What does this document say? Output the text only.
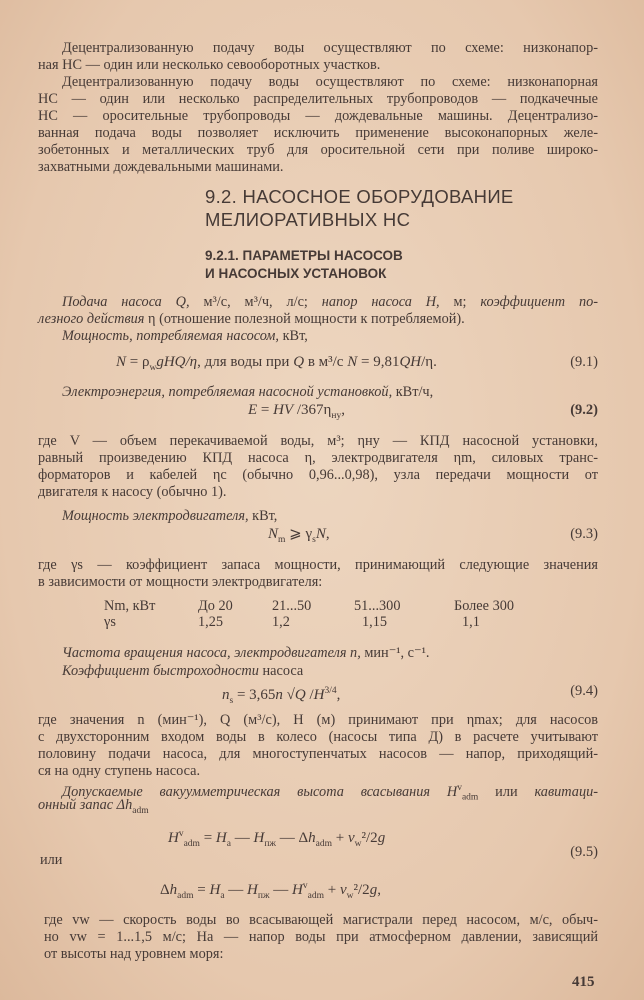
Децентрализованную подачу воды осуществляют по схеме: низконапор-
ная НС — один или несколько севооборотных участков.
Децентрализованную подачу воды осуществляют по схеме: низконапорная
НС — один или несколько распределительных трубопроводов — подкачечные
НС — оросительные трубопроводы — дождевальные машины. Децентрализо-
ванная подача воды позволяет исключить применение высоконапорных желе-
зобетонных и металлических труб для оросительной сети при поливе широко-
захватными дождевальными машинами.
9.2. НАСОСНОЕ ОБОРУДОВАНИЕ
МЕЛИОРАТИВНЫХ НС
9.2.1. ПАРАМЕТРЫ НАСОСОВ
И НАСОСНЫХ УСТАНОВОК
Подача насоса Q, м³/с, м³/ч, л/с; напор насоса H, м; коэффициент по-
лезного действия η (отношение полезной мощности к потребляемой).
Мощность, потребляемая насосом, кВт,
$N = \rho_wgHQ/\eta$, для воды при Q в м³/с N = 9,81QH/η.	(9.1)
Электроэнергия, потребляемая насосной установкой, кВт/ч,
E = HV $/367\eta_{ну}$,	(9.2)
где V — объем перекачиваемой воды, м³; ηну — КПД насосной установки,
равный произведению КПД насоса η, электродвигателя ηm, силовых транс-
форматоров и кабелей ηc (обычно 0,96...0,98), узла передачи мощности от
двигателя к насосу (обычно 1).
Мощность электродвигателя, кВт,
$N_m$ ⩾ $\gamma_sN$,	(9.3)
где γs — коэффициент запаса мощности, принимающий следующие значения
в зависимости от мощности электродвигателя:
Nm, кВт	До 20	21...50	51...300	Более 300
γs	1,25	1,2	1,15	1,1
Частота вращения насоса, электродвигателя n, мин⁻¹, с⁻¹.
Коэффициент быстроходности насоса
$n_s = 3,65n$ √Q $/H^{3/4}$,	(9.4)
где значения n (мин⁻¹), Q (м³/с), H (м) принимают при ηmax; для насосов
с двухсторонним входом воды в колесо (насосы типа Д) в расчете учитывают
половину подачи насоса, для многоступенчатых насосов — напор, приходящий-
ся на одну ступень насоса.
Допускаемые вакуумметрическая высота всасывания $H^v_{adm}$ или кавитаци-
онный запас $\Delta h_{adm}$
$H^v_{adm} = H_a$ — $H_{пж}$ — $\Delta h_{adm} + v_w^2/2g$
или	(9.5)
$\Delta h_{adm} = H_a$ — $H_{пж}$ — $H^v_{adm} + v_w^2/2g$,
где vw — скорость воды во всасывающей магистрали перед насосом, м/с, обыч-
но vw = 1...1,5 м/с; Ha — напор воды при атмосферном давлении, зависящий
от высоты над уровнем моря:
415
